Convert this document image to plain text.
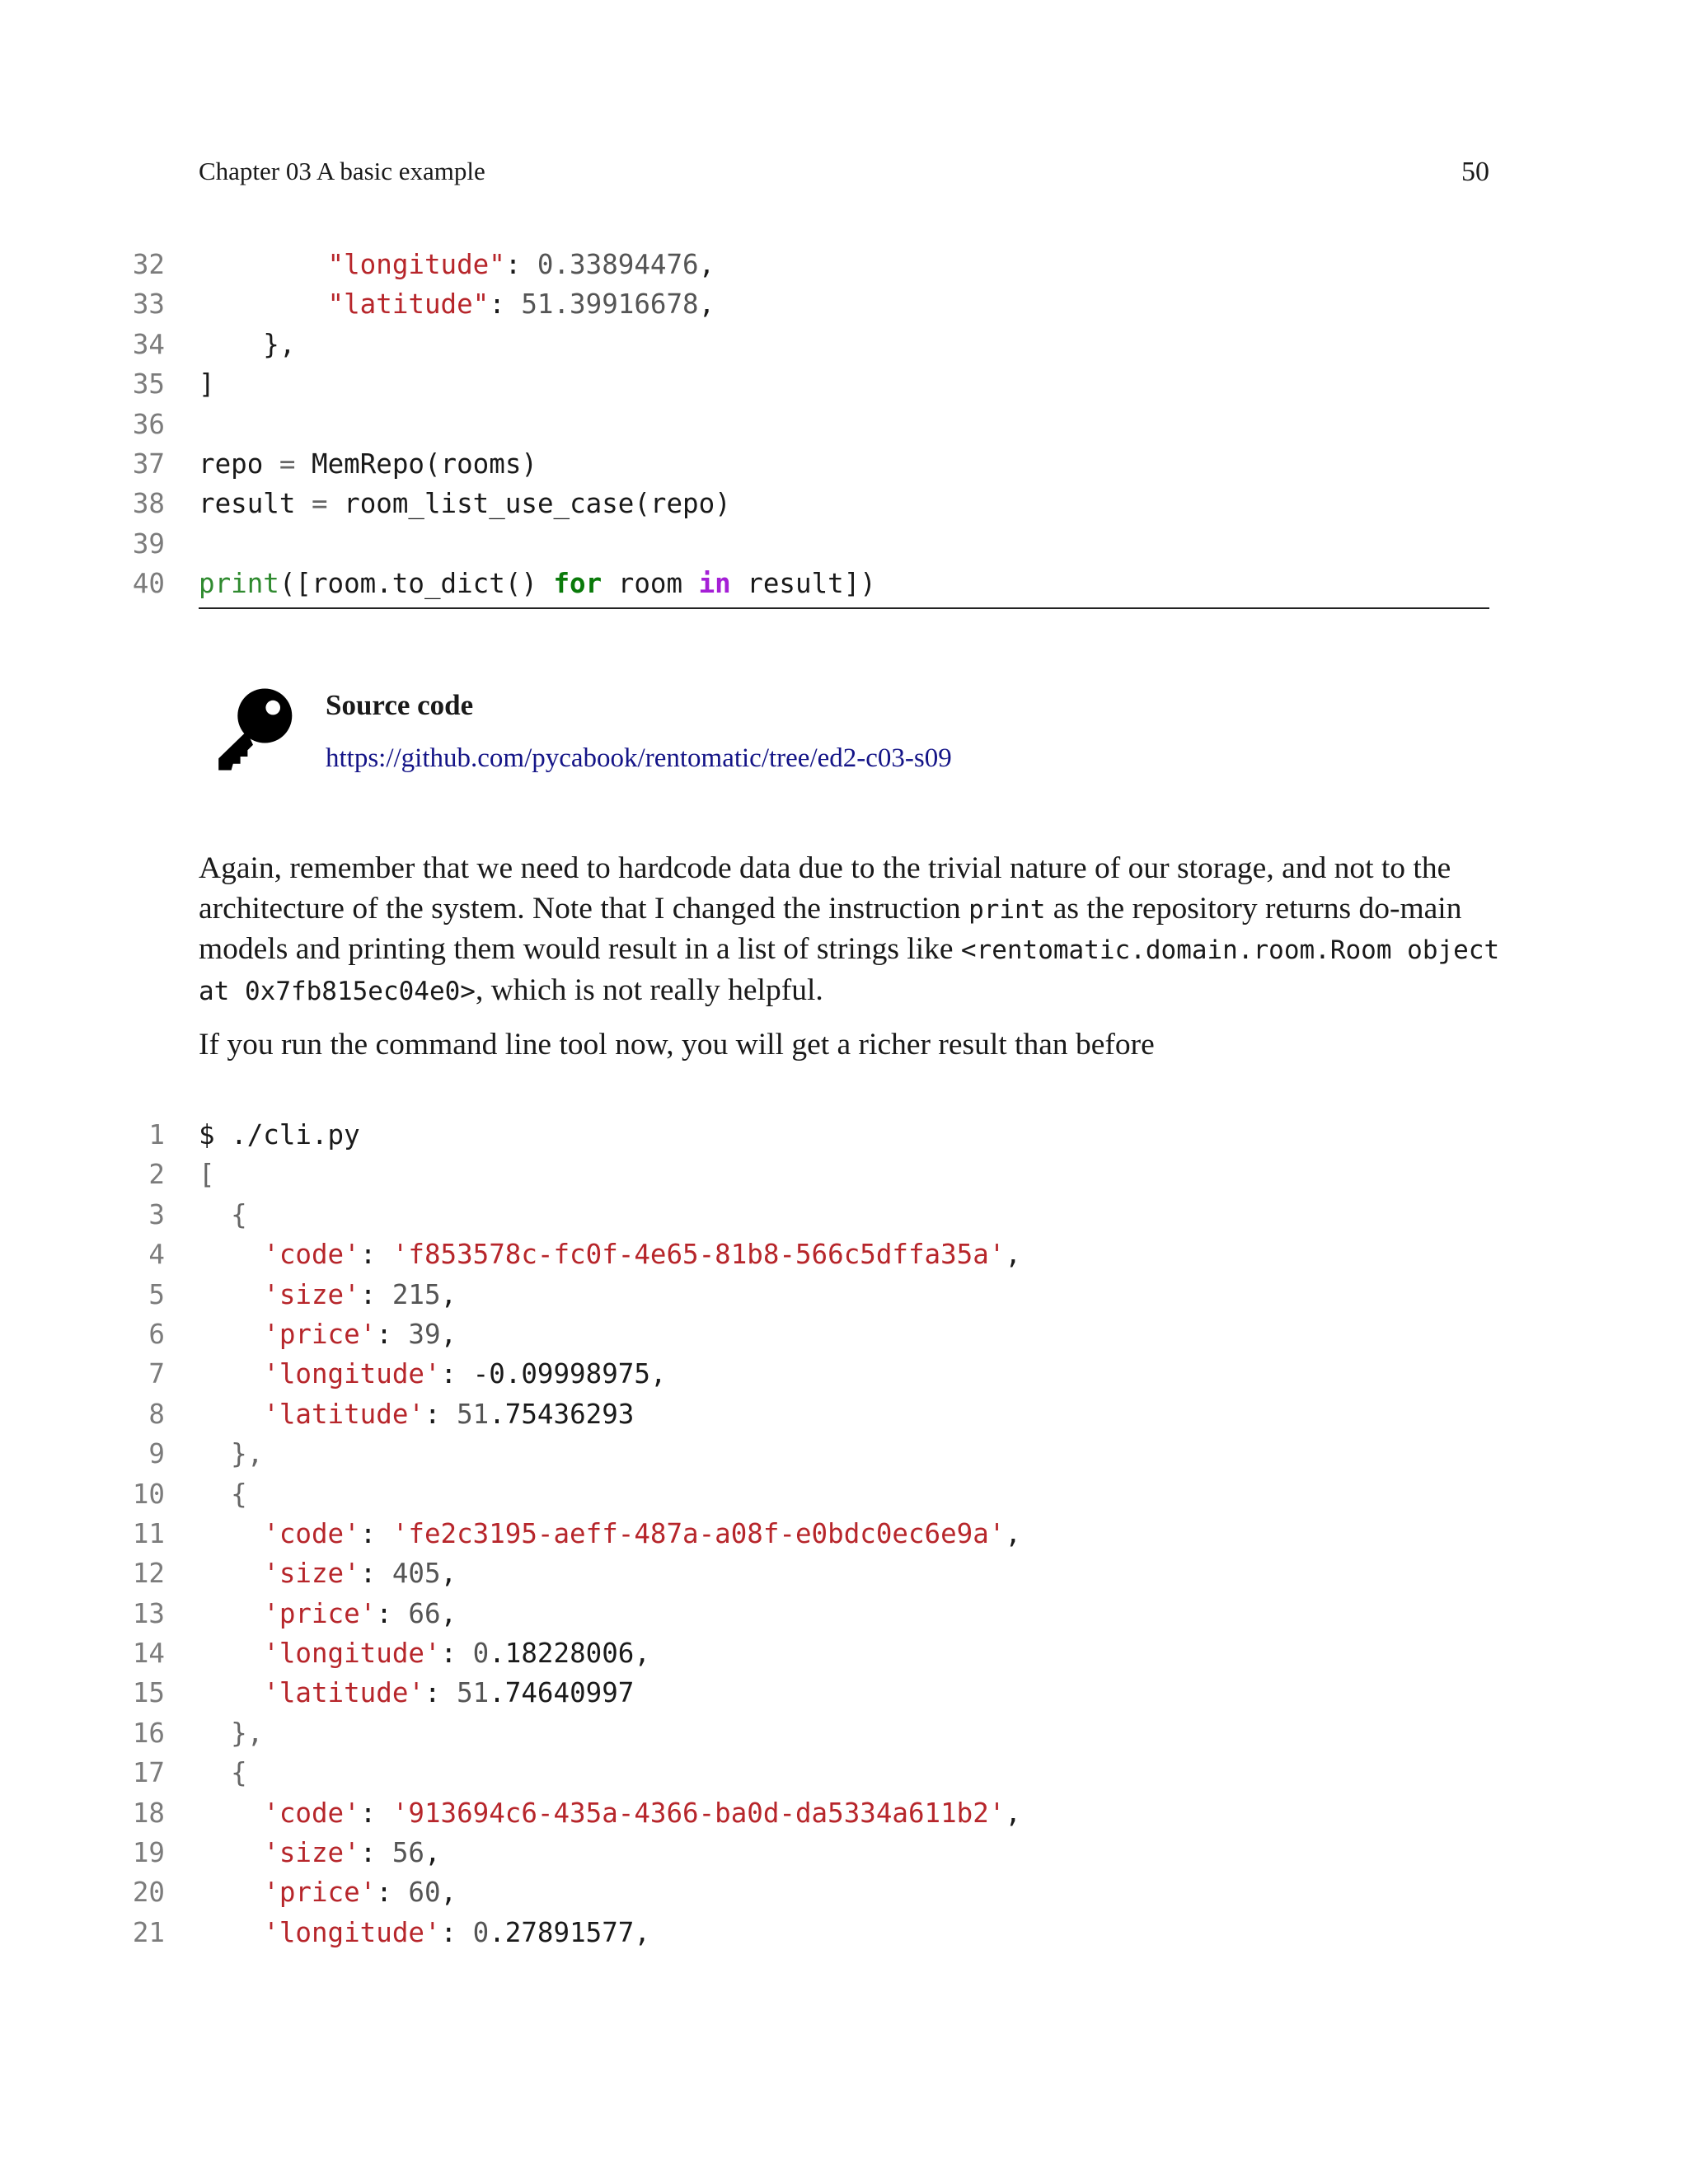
Chapter 03 A basic example	50
32	"longitude": 0.33894476,
33	"latitude": 51.39916678,
34	},
35 ]
36
37 repo = MemRepo(rooms)
38 result = room_list_use_case(repo)
39
40 print([room.to_dict() for room in result])
Source code
https://github.com/pycabook/rentomatic/tree/ed2-c03-s09
Again, remember that we need to hardcode data due to the trivial nature of our storage, and not to the architecture of the system. Note that I changed the instruction print as the repository returns do-main models and printing them would result in a list of strings like <rentomatic.domain.room.Room object at 0x7fb815ec04e0>, which is not really helpful.
If you run the command line tool now, you will get a richer result than before
1 $ ./cli.py
2 [
3	{
4	'code': 'f853578c-fc0f-4e65-81b8-566c5dffa35a',
5	'size': 215,
6	'price': 39,
7	'longitude': -0.09998975,
8	'latitude': 51.75436293
9	},
10	{
11	'code': 'fe2c3195-aeff-487a-a08f-e0bdc0ec6e9a',
12	'size': 405,
13	'price': 66,
14	'longitude': 0.18228006,
15	'latitude': 51.74640997
16	},
17	{
18	'code': '913694c6-435a-4366-ba0d-da5334a611b2',
19	'size': 56,
20	'price': 60,
21	'longitude': 0.27891577,
